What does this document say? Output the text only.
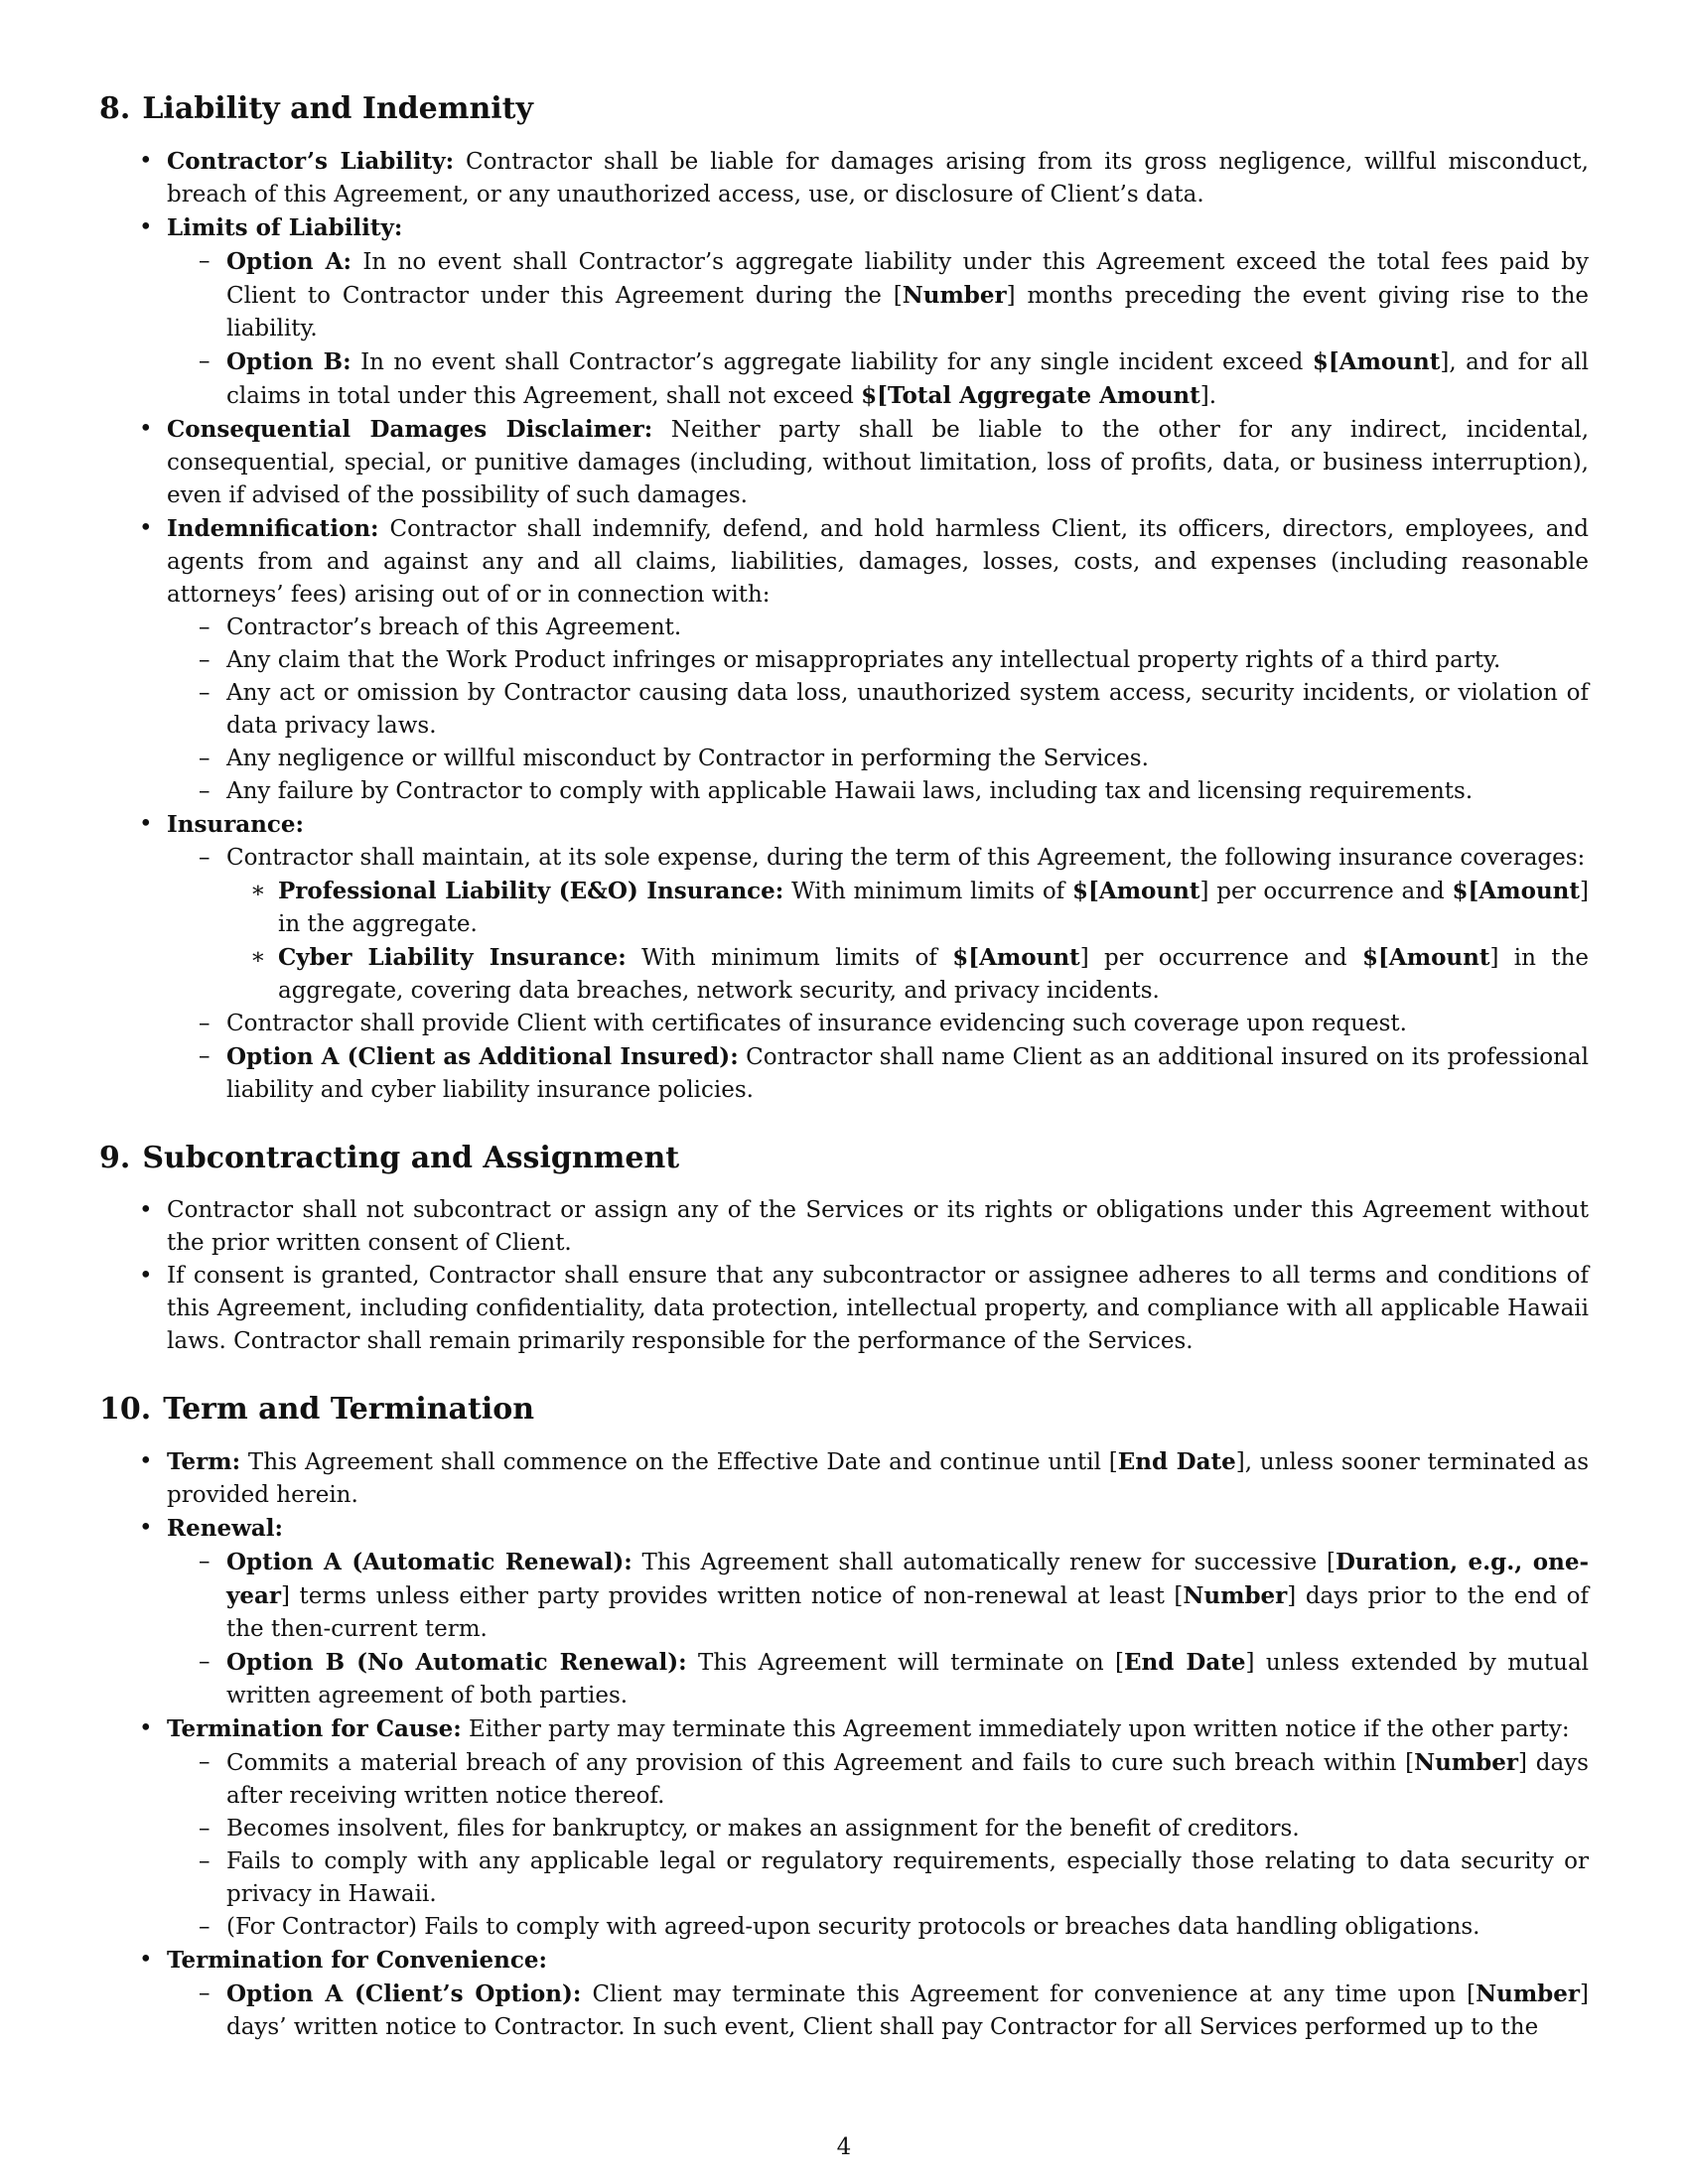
8. Liability and Indemnity
• Contractor’s Liability: Contractor shall be liable for damages arising from its gross negligence, willful misconduct, breach of this Agreement, or any unauthorized access, use, or disclosure of Client’s data.
• Limits of Liability:
– Option A: In no event shall Contractor’s aggregate liability under this Agreement exceed the total fees paid by Client to Contractor under this Agreement during the [Number] months preceding the event giving rise to the liability.
– Option B: In no event shall Contractor’s aggregate liability for any single incident exceed $[Amount], and for all claims in total under this Agreement, shall not exceed $[Total Aggregate Amount].
• Consequential Damages Disclaimer: Neither party shall be liable to the other for any indirect, incidental, consequential, special, or punitive damages (including, without limitation, loss of profits, data, or business interruption), even if advised of the possibility of such damages.
• Indemnification: Contractor shall indemnify, defend, and hold harmless Client, its officers, directors, employees, and agents from and against any and all claims, liabilities, damages, losses, costs, and expenses (including reasonable attorneys’ fees) arising out of or in connection with:
– Contractor’s breach of this Agreement.
– Any claim that the Work Product infringes or misappropriates any intellectual property rights of a third party.
– Any act or omission by Contractor causing data loss, unauthorized system access, security incidents, or violation of data privacy laws.
– Any negligence or willful misconduct by Contractor in performing the Services.
– Any failure by Contractor to comply with applicable Hawaii laws, including tax and licensing requirements.
• Insurance:
– Contractor shall maintain, at its sole expense, during the term of this Agreement, the following insurance coverages:
∗ Professional Liability (E&O) Insurance: With minimum limits of $[Amount] per occurrence and $[Amount] in the aggregate.
∗ Cyber Liability Insurance: With minimum limits of $[Amount] per occurrence and $[Amount] in the aggregate, covering data breaches, network security, and privacy incidents.
– Contractor shall provide Client with certificates of insurance evidencing such coverage upon request.
– Option A (Client as Additional Insured): Contractor shall name Client as an additional insured on its professional liability and cyber liability insurance policies.
9. Subcontracting and Assignment
• Contractor shall not subcontract or assign any of the Services or its rights or obligations under this Agreement without the prior written consent of Client.
• If consent is granted, Contractor shall ensure that any subcontractor or assignee adheres to all terms and conditions of this Agreement, including confidentiality, data protection, intellectual property, and compliance with all applicable Hawaii laws. Contractor shall remain primarily responsible for the performance of the Services.
10. Term and Termination
• Term: This Agreement shall commence on the Effective Date and continue until [End Date], unless sooner terminated as provided herein.
• Renewal:
– Option A (Automatic Renewal): This Agreement shall automatically renew for successive [Duration, e.g., one-year] terms unless either party provides written notice of non-renewal at least [Number] days prior to the end of the then-current term.
– Option B (No Automatic Renewal): This Agreement will terminate on [End Date] unless extended by mutual written agreement of both parties.
• Termination for Cause: Either party may terminate this Agreement immediately upon written notice if the other party:
– Commits a material breach of any provision of this Agreement and fails to cure such breach within [Number] days after receiving written notice thereof.
– Becomes insolvent, files for bankruptcy, or makes an assignment for the benefit of creditors.
– Fails to comply with any applicable legal or regulatory requirements, especially those relating to data security or privacy in Hawaii.
– (For Contractor) Fails to comply with agreed-upon security protocols or breaches data handling obligations.
• Termination for Convenience:
– Option A (Client’s Option): Client may terminate this Agreement for convenience at any time upon [Number] days’ written notice to Contractor. In such event, Client shall pay Contractor for all Services performed up to the
4
